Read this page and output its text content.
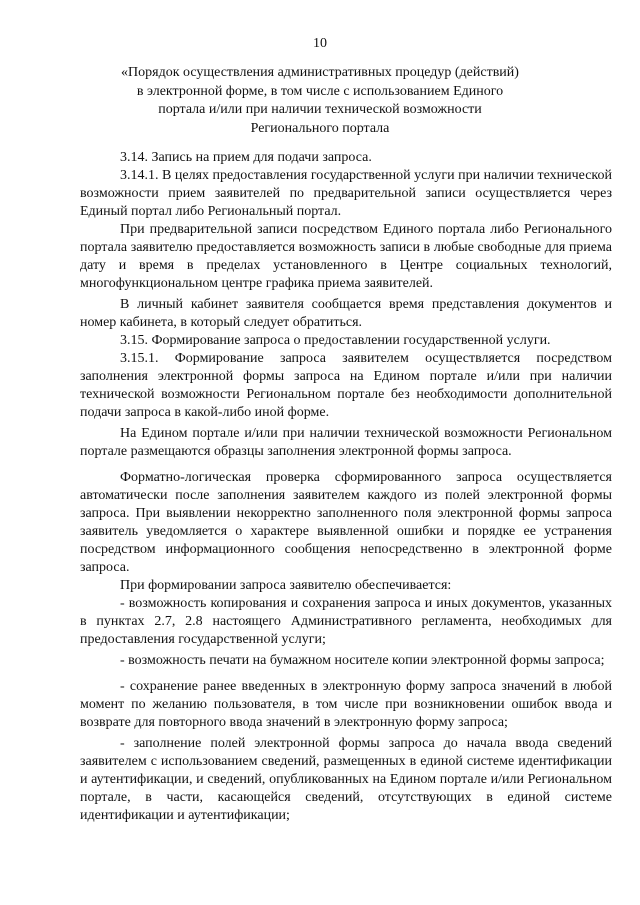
10
«Порядок осуществления административных процедур (действий)
в электронной форме, в том числе с использованием Единого
портала и/или при наличии технической возможности
Регионального портала

3.14. Запись на прием для подачи запроса.

3.14.1. В целях предоставления государственной услуги при наличии технической возможности прием заявителей по предварительной записи осуществляется через Единый портал либо Региональный портал.

При предварительной записи посредством Единого портала либо Регионального портала заявителю предоставляется возможность записи в любые свободные для приема дату и время в пределах установленного в Центре социальных технологий, многофункциональном центре графика приема заявителей.

В личный кабинет заявителя сообщается время представления документов и номер кабинета, в который следует обратиться.

3.15. Формирование запроса о предоставлении государственной услуги.

3.15.1. Формирование запроса заявителем осуществляется посредством заполнения электронной формы запроса на Едином портале и/или при наличии технической возможности Региональном портале без необходимости дополнительной подачи запроса в какой-либо иной форме.

На Едином портале и/или при наличии технической возможности Региональном портале размещаются образцы заполнения электронной формы запроса.

Форматно-логическая проверка сформированного запроса осуществляется автоматически после заполнения заявителем каждого из полей электронной формы запроса. При выявлении некорректно заполненного поля электронной формы запроса заявитель уведомляется о характере выявленной ошибки и порядке ее устранения посредством информационного сообщения непосредственно в электронной форме запроса.

При формировании запроса заявителю обеспечивается:

- возможность копирования и сохранения запроса и иных документов, указанных в пунктах 2.7, 2.8 настоящего Административного регламента, необходимых для предоставления государственной услуги;

- возможность печати на бумажном носителе копии электронной формы запроса;

- сохранение ранее введенных в электронную форму запроса значений в любой момент по желанию пользователя, в том числе при возникновении ошибок ввода и возврате для повторного ввода значений в электронную форму запроса;

- заполнение полей электронной формы запроса до начала ввода сведений заявителем с использованием сведений, размещенных в единой системе идентификации и аутентификации, и сведений, опубликованных на Едином портале и/или Региональном портале, в части, касающейся сведений, отсутствующих в единой системе идентификации и аутентификации;
